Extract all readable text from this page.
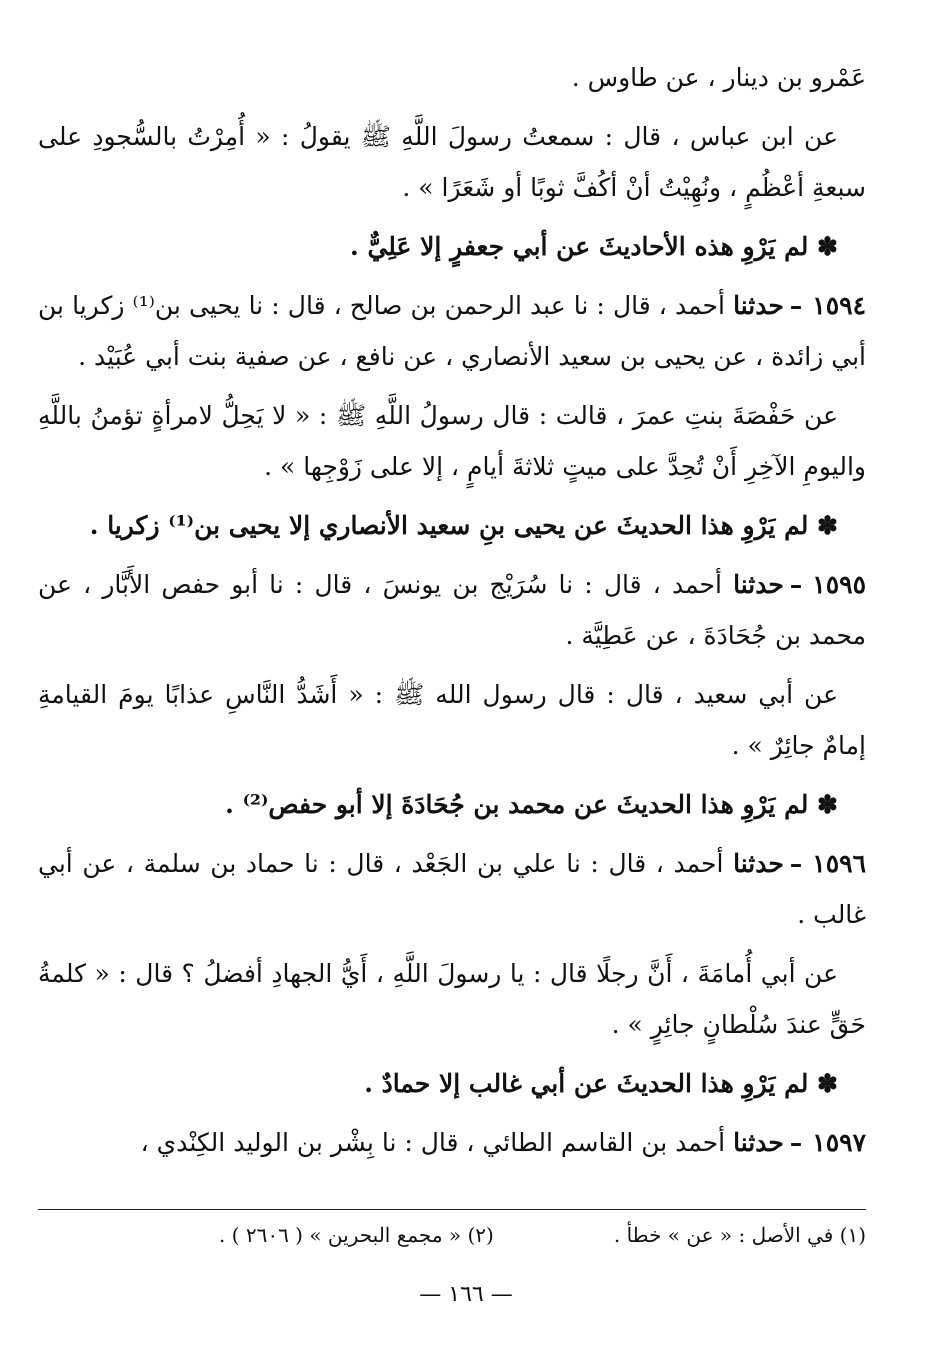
عَمْرو بن دينار ، عن طاوس .

عن ابن عباس ، قال : سمعتُ رسولَ اللَّهِ ﷺ يقولُ : « أُمِرْتُ بالسُّجودِ على سبعةِ أعْظُمٍ ، ونُهِيْتُ أنْ أكُفَّ ثوبًا أو شَعَرًا » .

✽ لم يَرْوِ هذه الأحاديثَ عن أبي جعفرٍ إلا عَلِيٌّ .

١٥٩٤–حدثنا أحمد ، قال : نا عبد الرحمن بن صالح ، قال : نا يحيى بن⁽¹⁾ زكريا بن أبي زائدة ، عن يحيى بن سعيد الأنصاري ، عن نافع ، عن صفية بنت أبي عُبَيْد .

عن حَفْصَةَ بنتِ عمرَ ، قالت : قال رسولُ اللَّهِ ﷺ : « لا يَحِلُّ لامرأةٍ تؤمنُ باللَّهِ واليومِ الآخِرِ أَنْ تُحِدَّ على ميتٍ ثلاثةَ أيامٍ ، إلا على زَوْجِها » .

✽ لم يَرْوِ هذا الحديثَ عن يحيى بنِ سعيد الأنصاري إلا يحيى بن⁽¹⁾ زكريا .

١٥٩٥–حدثنا أحمد ، قال : نا سُرَيْج بن يونسَ ، قال : نا أبو حفص الأَبَّار ، عن محمد بن جُحَادَةَ ، عن عَطِيَّة .

عن أبي سعيد ، قال : قال رسول الله ﷺ : « أَشَدُّ النَّاسِ عذابًا يومَ القيامةِ إمامٌ جائِرٌ » .

✽ لم يَرْوِ هذا الحديثَ عن محمد بن جُحَادَةَ إلا أبو حفص⁽²⁾ .

١٥٩٦–حدثنا أحمد ، قال : نا علي بن الجَعْد ، قال : نا حماد بن سلمة ، عن أبي غالب .

عن أبي أُمامَةَ ، أَنَّ رجلًا قال : يا رسولَ اللَّهِ ، أَيُّ الجهادِ أفضلُ ؟ قال : « كلمةُ حَقٍّ عندَ سُلْطانٍ جائِرٍ » .

✽ لم يَرْوِ هذا الحديثَ عن أبي غالب إلا حمادٌ .

١٥٩٧–حدثنا أحمد بن القاسم الطائي ، قال : نا بِشْر بن الوليد الكِنْدي ،

(١) في الأصل : « عن » خطأ .
(٢) « مجمع البحرين » ( ٢٦٠٦ ) .
— ١٦٦ —
